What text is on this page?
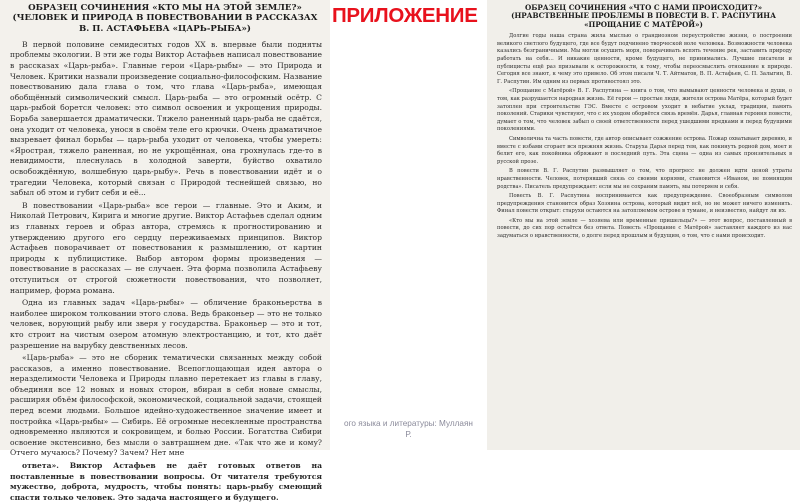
ОБРАЗЕЦ СОЧИНЕНИЯ «КТО МЫ НА ЭТОЙ ЗЕМЛЕ?»
(ЧЕЛОВЕК И ПРИРОДА В ПОВЕСТВОВАНИИ В РАССКАЗАХ
В. П. АСТАФЬЕВА «ЦАРЬ-РЫБА»)

В первой половине семидесятых годов XX в. впервые были подняты проблемы экологии. В эти же годы Виктор Астафьев написал повествование в рассказах «Царь-рыба». Главные герои «Царь-рыбы» — это Природа и Человек. Критики назвали произведение социально-философским. Название повествованию дала глава о том, что глава «Царь-рыба», имеющая обобщённый символический смысл. Царь-рыба — это огромный осётр. С царь-рыбой борется человек: это символ освоения и укрощения природы. Борьба завершается драматически. Тяжело раненный царь-рыба не сдаётся, она уходит от человека, унося в своём теле его крючки. Очень драматичное вызревает финал борьбы — царь-рыба уходит от человека, чтобы умереть: «Ярострая, тяжело раненная, но не укрощённая, она грохнулась где-то в невидимости, плеснулась в холодной заверти, буйство охватило освобождённую, волшебную царь-рыбу». Речь в повествовании идёт и о трагедии Человека, который связан с Природой теснейшей связью, но забыл об этом и губит себя и её...

В повествовании «Царь-рыба» все герои — главные. Это и Аким, и Николай Петрович, Кирига и многие другие. Виктор Астафьев сделал одним из главных героев и образ автора, стремясь к прогностированию и утверждению другого его сердцу переживаемых принципов. Виктор Астафьев поворачивает от повествования к размышлению, от картин природы к публицистике. Выбор автором формы произведения — повествование в рассказах — не случаен. Эта форма позволила Астафьеву отступиться от строгой сюжетности повествования, что позволяет, например, форма романа.

Одна из главных задач «Царь-рыбы» — обличение браконьерства в наиболее широком толковании этого слова. Ведь браконьер — это не только человек, ворующий рыбу или зверя у государства. Браконьер — это и тот, кто строит на чистым озером атомную электростанцию, и тот, кто даёт разрешение на вырубку девственных лесов.

«Царь-рыба» — это не сборник тематически связанных между собой рассказов, а именно повествование. Всепоглощающая идея автора о неразделимости Человека и Природы плавно перетекает из главы в главу, объединяя все 12 новых и новых сторон, вбирая в себя новые смыслы, расширяя объём философской, экономической, социальной задачи, стоящей перед всеми людьми. Большое идейно-художественное значение имеет и постройка «Царь-рыбы» — Сибирь. Её огромные несекленные пространства одновременно являются и сокровищем, и болью России. Богатства Сибири освоение экстенсивно, без мысли о завтрашнем дне. «Так что же и кому? Отчего мучаюсь? Почему? Зачем? Нет мне

ответа». Виктор Астафьев не даёт готовых ответов на поставленные в повествовании вопросы. От читателя требуются мужество, доброта, мудрость, чтобы понять: царь-рыбу смеющий спасти только человек. Это задача настоящего и будущего.

ПРИЛОЖЕНИЕ	ОБРАЗЕЦ СОЧИНЕНИЯ «ЧТО С НАМИ ПРОИСХОДИТ?»
(НРАВСТВЕННЫЕ ПРОБЛЕМЫ В ПОВЕСТИ В. Г. РАСПУТИНА
«ПРОЩАНИЕ С МАТЁРОЙ»)

Долгие годы наша страна жила мыслью о грандиозном переустройстве жизни, о построении великого светлого будущего, где все будут подчинено творческой воле человека. Возможности человека казались безграничными. Мы могли осушить моря, поворачивать вспять течение рек, заставить природу работать на себя... И никакие ценности, кроме будущего, не принимались. Лучшие писатели и публицисты ещё раз призывали к осторожности, к тому, чтобы переосмыслить отношение к природе. Сегодня все знают, к чему это привело. Об этом писали Ч. Т. Айтматов, В. П. Астафьев, С. П. Залыгин, В. Г. Распутин. Им одним из первых противостоял это.

«Прощание с Матёрой» В. Г. Распутина — книга о том, что вымывают ценности человека и души, о том, как разрушается народная жизнь. Её герои — простые люди, жители острова Матёра, который будет затоплен при строительстве ГЭС. Вместе с островом уходит в небытие уклад, традиции, память поколений. Старики чувствуют, что с их уходом оборвётся связь времён. Дарья, главная героиня повести, думает о том, что человек забыл о своей ответственности перед ушедшими предками и перед будущими поколениями.

Символична та часть повести, где автор описывает сожжение острова. Пожар охватывает деревню, и вместе с избами сгорает вся прежняя жизнь. Старуха Дарья перед тем, как покинуть родной дом, моет и белит его, как покойника обряжают в последний путь. Эта сцена — одна из самых пронзительных в русской прозе.

В повести В. Г. Распутин размышляет о том, что прогресс не должен идти ценой утраты нравственности. Человек, потерявший связь со своими корнями, становится «Иваном, не помнящим родства». Писатель предупреждает: если мы не сохраним память, мы потеряем и себя.

Повесть В. Г. Распутина воспринимается как предупреждение. Своеобразным символом предупреждения становится образ Хозяина острова, который видит всё, но не может ничего изменить. Финал повести открыт: старухи остаются на затопляемом острове в тумане, и неизвестно, найдут ли их.

«Кто мы на этой земле — хозяева или временные пришельцы?» — этот вопрос, поставленный в повести, до сих пор остаётся без ответа. Повесть «Прощание с Матёрой» заставляет каждого из нас задуматься о нравственности, о долге перед прошлым и будущим, о том, что с нами происходит.

ого языка и литературы: Муллаян
Р.
